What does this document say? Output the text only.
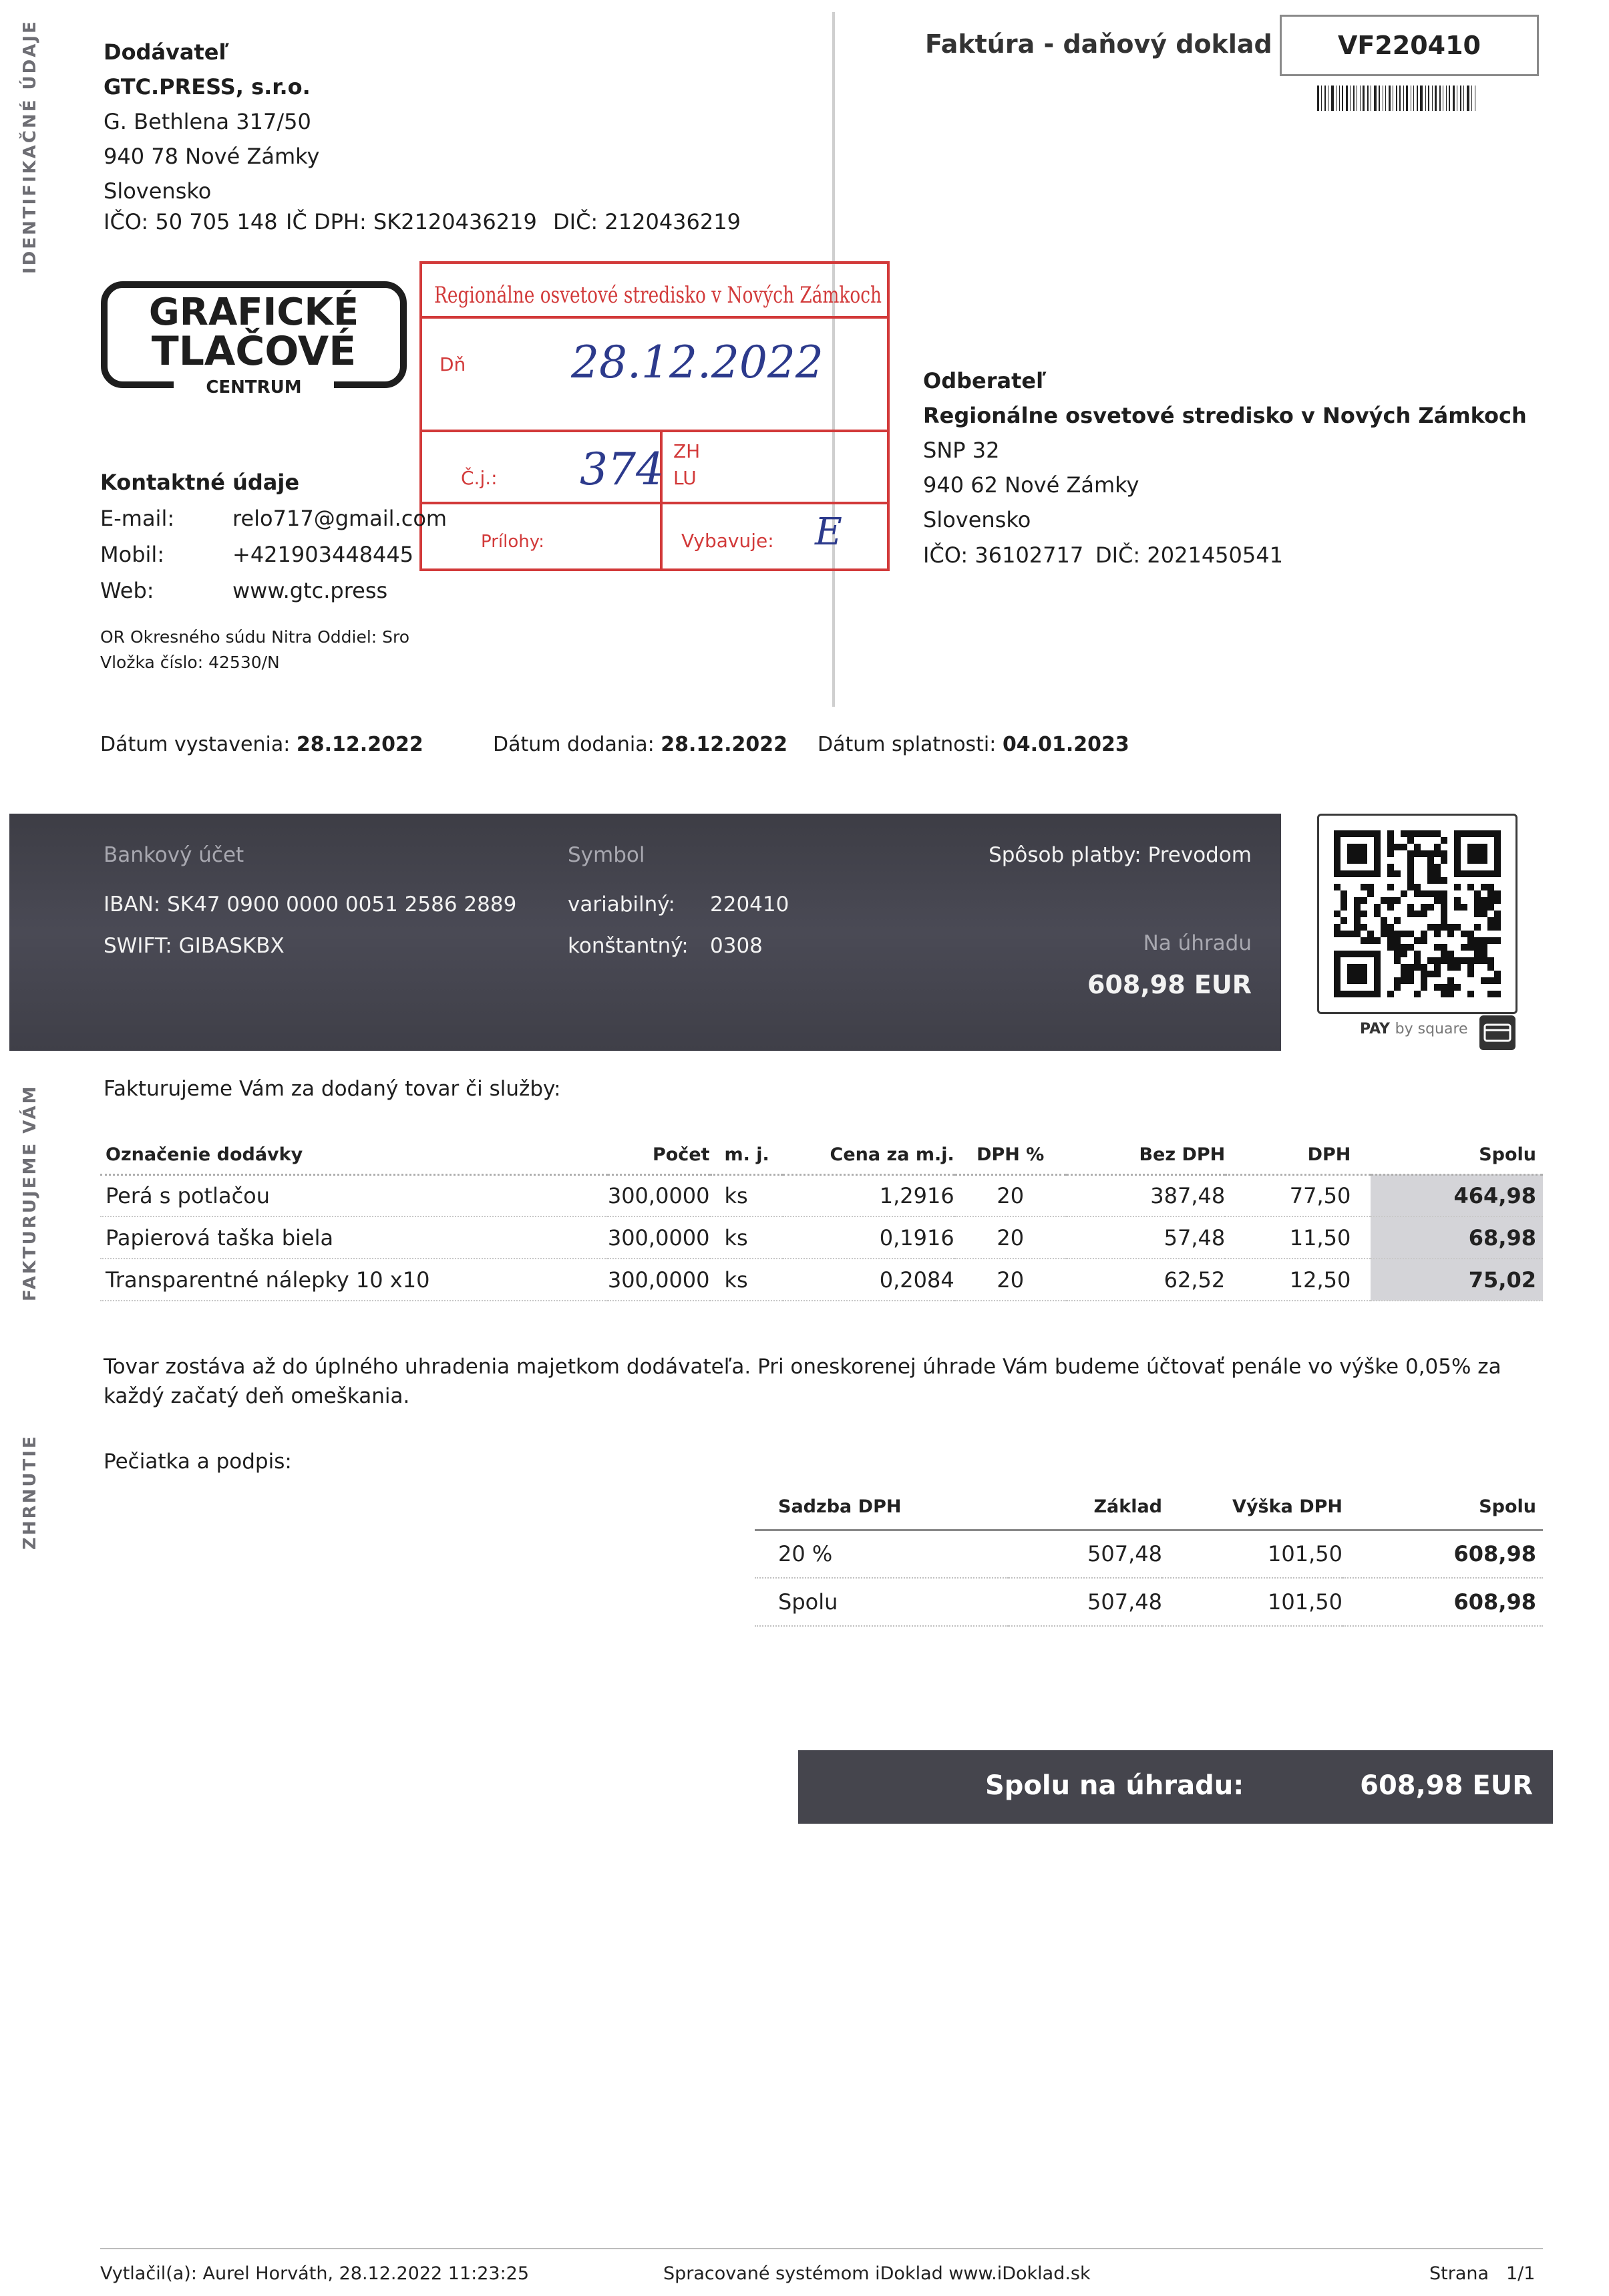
IDENTIFIKAČNÉ ÚDAJE
FAKTURUJEME VÁM
ZHRNUTIE
Faktúra - daňový doklad	VF220410
Dodávateľ
GTC.PRESS, s.r.o.
G. Bethlena 317/50
940 78 Nové Zámky
Slovensko
IČO: 50 705 148 IČ DPH: SK2120436219 DIČ: 2120436219
GRAFICKÉ
TLAČOVÉ
CENTRUM
Regionálne osvetové stredisko v Nových Zámkoch
Dň 28.12.2022
Č.j.: 374 ZH
LU
Prílohy:	Vybavuje: E
Kontaktné údaje
E-mail:	relo717@gmail.com
Mobil:	+421903448445
Web:	www.gtc.press
OR Okresného súdu Nitra Oddiel: Sro
Vložka číslo: 42530/N
Odberateľ
Regionálne osvetové stredisko v Nových Zámkoch
SNP 32
940 62 Nové Zámky
Slovensko
IČO: 36102717 DIČ: 2021450541
Dátum vystavenia: 28.12.2022	Dátum dodania: 28.12.2022 Dátum splatnosti: 04.01.2023
Bankový účet
IBAN: SK47 0900 0000 0051 2586 2889
SWIFT: GIBASKBX
Symbol
variabilný: 220410
konštantný: 0308
Spôsob platby: Prevodom
Na úhradu
608,98 EUR
PAY by square
Fakturujeme Vám za dodaný tovar či služby:
Označenie dodávky	Počet	m. j.	Cena za m.j.	DPH %	Bez DPH	DPH	Spolu
Perá s potlačou	300,0000	ks	1,2916	20	387,48	77,50	464,98
Papierová taška biela	300,0000	ks	0,1916	20	57,48	11,50	68,98
Transparentné nálepky 10 x10	300,0000	ks	0,2084	20	62,52	12,50	75,02
Tovar zostáva až do úplného uhradenia majetkom dodávateľa. Pri oneskorenej úhrade Vám budeme účtovať penále vo výške 0,05% za každý začatý deň omeškania.
Pečiatka a podpis:
Sadzba DPH	Základ	Výška DPH	Spolu
20 %	507,48	101,50	608,98
Spolu	507,48	101,50	608,98
Spolu na úhradu:	608,98 EUR
Vytlačil(a): Aurel Horváth, 28.12.2022 11:23:25	Spracované systémom iDoklad www.iDoklad.sk	Strana 1/1
